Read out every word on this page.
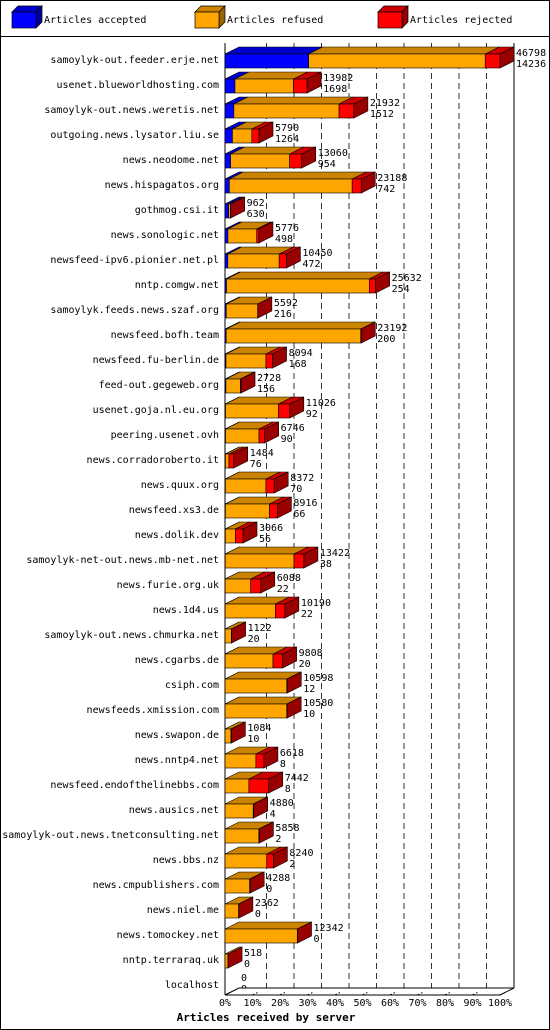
Articles accepted	Articles refused	Articles rejected
samoylyk-out.feeder.erje.net
usenet.blueworldhosting.com
samoylyk-out.news.weretis.net
outgoing.news.lysator.liu.se
news.neodome.net
news.hispagatos.org
gothmog.csi.it
news.sonologic.net
newsfeed-ipv6.pionier.net.pl
nntp.comgw.net
samoylyk.feeds.news.szaf.org
newsfeed.bofh.team
newsfeed.fu-berlin.de
feed-out.gegeweb.org
usenet.goja.nl.eu.org
peering.usenet.ovh
news.corradoroberto.it
news.quux.org
newsfeed.xs3.de
news.dolik.dev
samoylyk-net-out.news.mb-net.net
news.furie.org.uk
news.1d4.us
samoylyk-out.news.chmurka.net
news.cgarbs.de
csiph.com
newsfeeds.xmission.com
news.swapon.de
news.nntp4.net
newsfeed.endofthelinebbs.com
news.ausics.net
samoylyk-out.news.tnetconsulting.net
news.bbs.nz
news.cmpublishers.com
news.niel.me
news.tomockey.net
nntp.terraraq.uk
localhost
46798
14236
13982
1698
21932
1512
5790
1264
13060
954
23188
742
962
630
5776
498
10450
472
25632
254
5592
216
23192
200
8094
168
2728
156
11026
92
6746
90
1484
76
8372
70
8916
66
3066
56
13422
38
6088
22
10190
22
1122
20
9808
20
10598
12
10580
10
1084
10
6618
8
7442
8
4880
4
5858
2
8240
2
4288
0
2362
0
12342
0
518
0
0
0% 10% 20% 30% 40% 50% 60% 70% 80% 90% 100%
Articles received by server
